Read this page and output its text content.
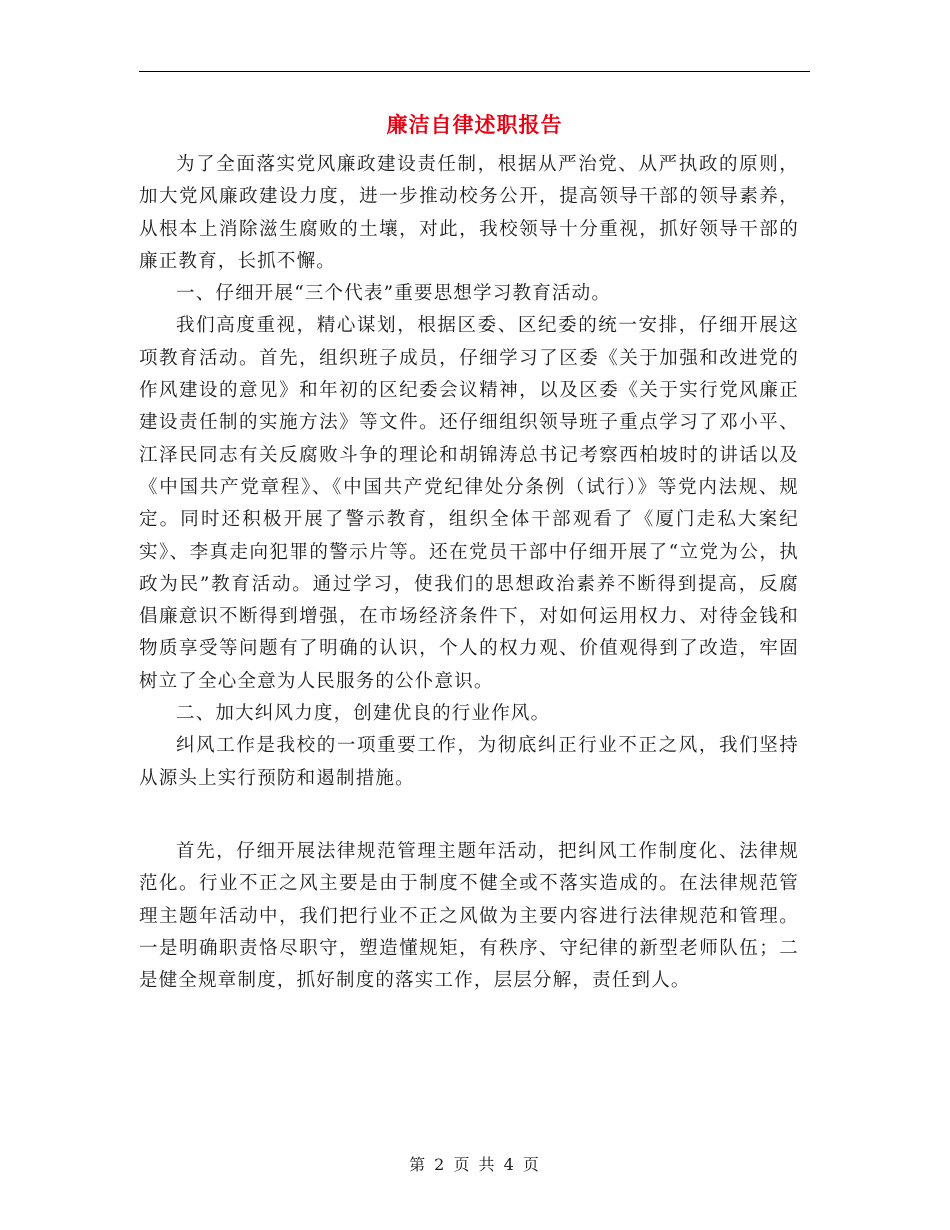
廉洁自律述职报告

为了全面落实党风廉政建设责任制，根据从严治党、从严执政的原则，加大党风廉政建设力度，进一步推动校务公开，提高领导干部的领导素养，从根本上消除滋生腐败的土壤，对此，我校领导十分重视，抓好领导干部的廉正教育，长抓不懈。

一、仔细开展“三个代表”重要思想学习教育活动。

我们高度重视，精心谋划，根据区委、区纪委的统一安排，仔细开展这项教育活动。首先，组织班子成员，仔细学习了区委《关于加强和改进党的作风建设的意见》和年初的区纪委会议精神，以及区委《关于实行党风廉正建设责任制的实施方法》等文件。还仔细组织领导班子重点学习了邓小平、江泽民同志有关反腐败斗争的理论和胡锦涛总书记考察西柏坡时的讲话以及《中国共产党章程》、《中国共产党纪律处分条例（试行）》等党内法规、规定。同时还积极开展了警示教育，组织全体干部观看了《厦门走私大案纪实》、李真走向犯罪的警示片等。还在党员干部中仔细开展了“立党为公，执政为民”教育活动。通过学习，使我们的思想政治素养不断得到提高，反腐倡廉意识不断得到增强，在市场经济条件下，对如何运用权力、对待金钱和物质享受等问题有了明确的认识，个人的权力观、价值观得到了改造，牢固树立了全心全意为人民服务的公仆意识。

二、加大纠风力度，创建优良的行业作风。

纠风工作是我校的一项重要工作，为彻底纠正行业不正之风，我们坚持从源头上实行预防和遏制措施。

首先，仔细开展法律规范管理主题年活动，把纠风工作制度化、法律规范化。行业不正之风主要是由于制度不健全或不落实造成的。在法律规范管理主题年活动中，我们把行业不正之风做为主要内容进行法律规范和管理。一是明确职责恪尽职守，塑造懂规矩，有秩序、守纪律的新型老师队伍；二是健全规章制度，抓好制度的落实工作，层层分解，责任到人。

第 2 页 共 4 页
